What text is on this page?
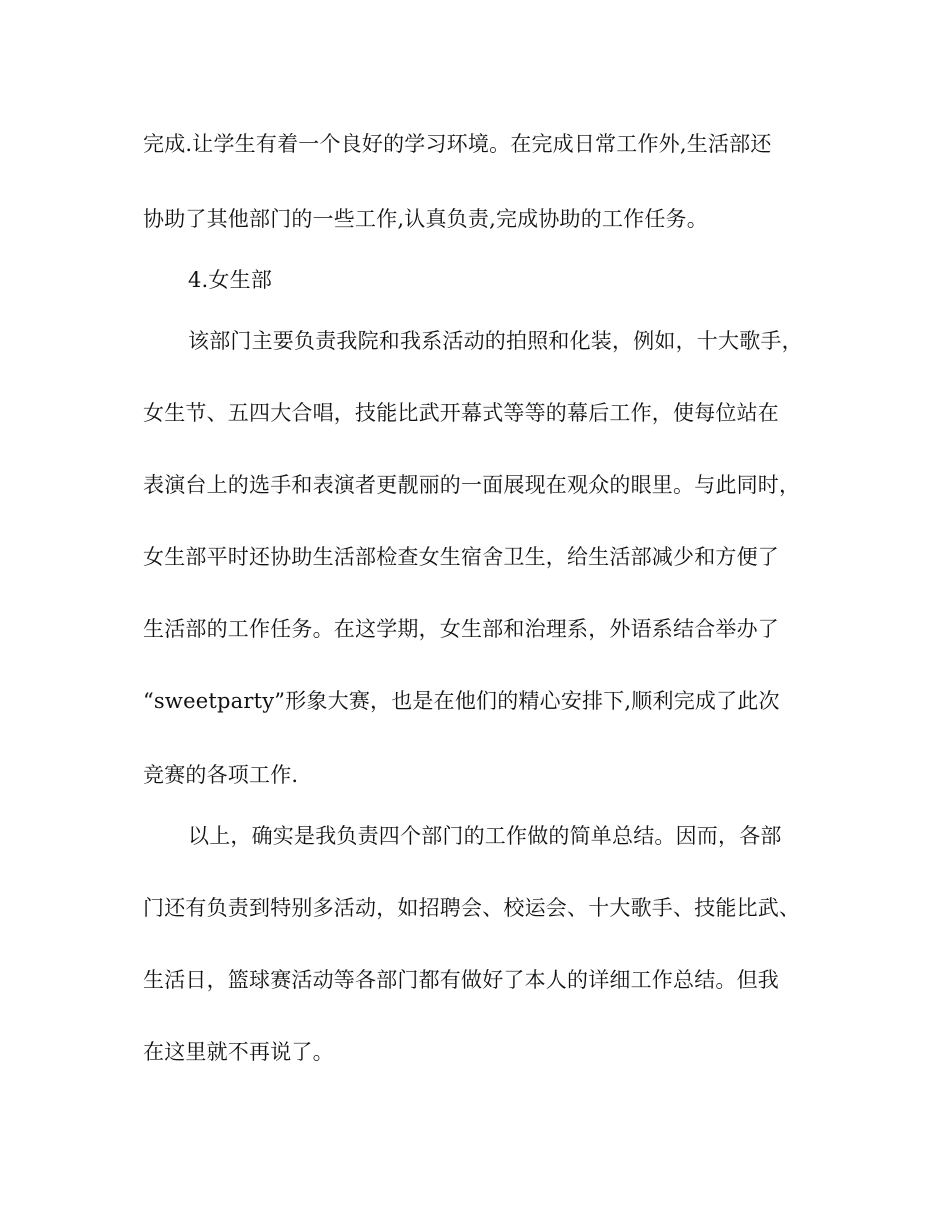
完成.让学生有着一个良好的学习环境。在完成日常工作外,生活部还
协助了其他部门的一些工作,认真负责,完成协助的工作任务。
4.女生部
该部门主要负责我院和我系活动的拍照和化装，例如，十大歌手，
女生节、五四大合唱，技能比武开幕式等等的幕后工作，使每位站在
表演台上的选手和表演者更靓丽的一面展现在观众的眼里。与此同时，
女生部平时还协助生活部检查女生宿舍卫生，给生活部减少和方便了
生活部的工作任务。在这学期，女生部和治理系，外语系结合举办了
“sweetparty”形象大赛，也是在他们的精心安排下,顺利完成了此次
竞赛的各项工作.
以上，确实是我负责四个部门的工作做的简单总结。因而，各部
门还有负责到特别多活动，如招聘会、校运会、十大歌手、技能比武、
生活日，篮球赛活动等各部门都有做好了本人的详细工作总结。但我
在这里就不再说了。
